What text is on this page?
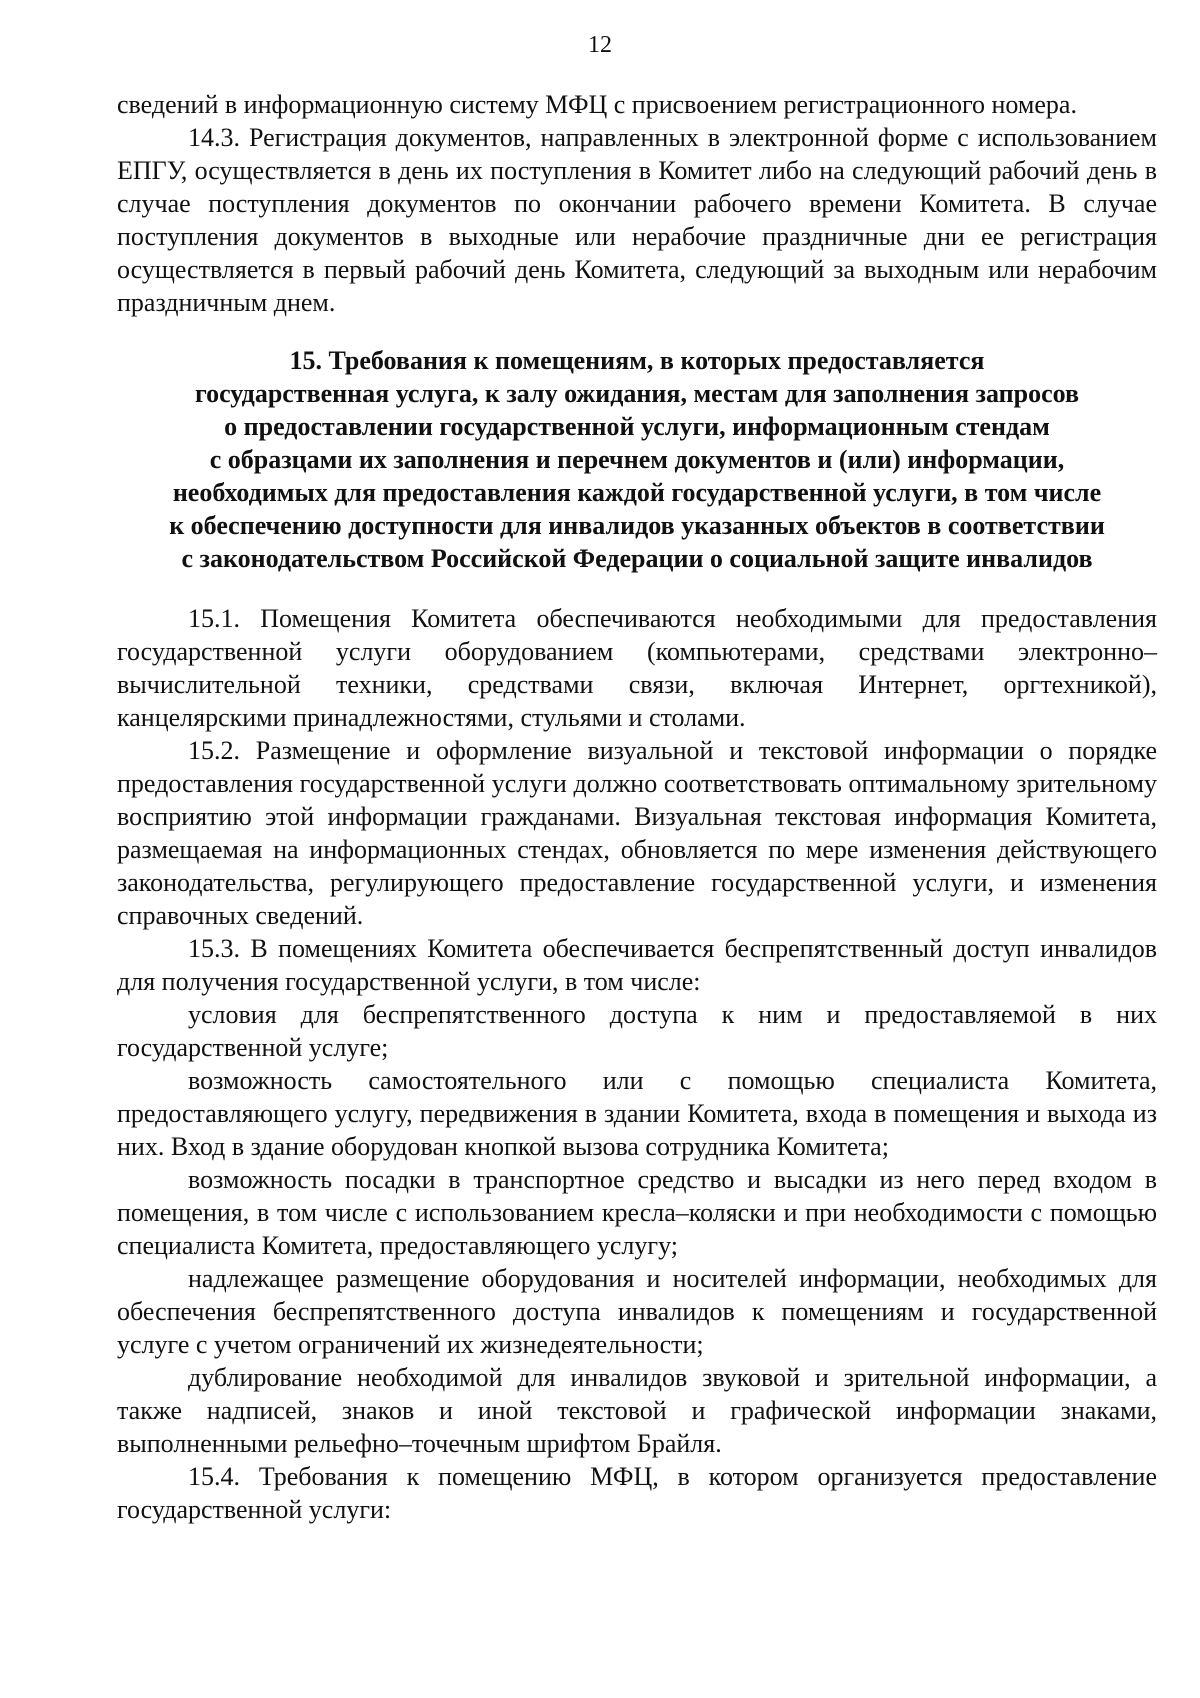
12

сведений в информационную систему МФЦ с присвоением регистрационного номера.

14.3. Регистрация документов, направленных в электронной форме с использованием ЕПГУ, осуществляется в день их поступления в Комитет либо на следующий рабочий день в случае поступления документов по окончании рабочего времени Комитета. В случае поступления документов в выходные или нерабочие праздничные дни ее регистрация осуществляется в первый рабочий день Комитета, следующий за выходным или нерабочим праздничным днем.

15. Требования к помещениям, в которых предоставляется
государственная услуга, к залу ожидания, местам для заполнения запросов
о предоставлении государственной услуги, информационным стендам
с образцами их заполнения и перечнем документов и (или) информации,
необходимых для предоставления каждой государственной услуги, в том числе
к обеспечению доступности для инвалидов указанных объектов в соответствии
с законодательством Российской Федерации о социальной защите инвалидов

15.1. Помещения Комитета обеспечиваются необходимыми для предоставления государственной услуги оборудованием (компьютерами, средствами электронно–вычислительной техники, средствами связи, включая Интернет, оргтехникой), канцелярскими принадлежностями, стульями и столами.

15.2. Размещение и оформление визуальной и текстовой информации о порядке предоставления государственной услуги должно соответствовать оптимальному зрительному восприятию этой информации гражданами. Визуальная текстовая информация Комитета, размещаемая на информационных стендах, обновляется по мере изменения действующего законодательства, регулирующего предоставление государственной услуги, и изменения справочных сведений.

15.3. В помещениях Комитета обеспечивается беспрепятственный доступ инвалидов для получения государственной услуги, в том числе:

условия для беспрепятственного доступа к ним и предоставляемой в них государственной услуге;

возможность самостоятельного или с помощью специалиста Комитета, предоставляющего услугу, передвижения в здании Комитета, входа в помещения и выхода из них. Вход в здание оборудован кнопкой вызова сотрудника Комитета;

возможность посадки в транспортное средство и высадки из него перед входом в помещения, в том числе с использованием кресла–коляски и при необходимости с помощью специалиста Комитета, предоставляющего услугу;

надлежащее размещение оборудования и носителей информации, необходимых для обеспечения беспрепятственного доступа инвалидов к помещениям и государственной услуге с учетом ограничений их жизнедеятельности;

дублирование необходимой для инвалидов звуковой и зрительной информации, а также надписей, знаков и иной текстовой и графической информации знаками, выполненными рельефно–точечным шрифтом Брайля.

15.4. Требования к помещению МФЦ, в котором организуется предоставление государственной услуги:
